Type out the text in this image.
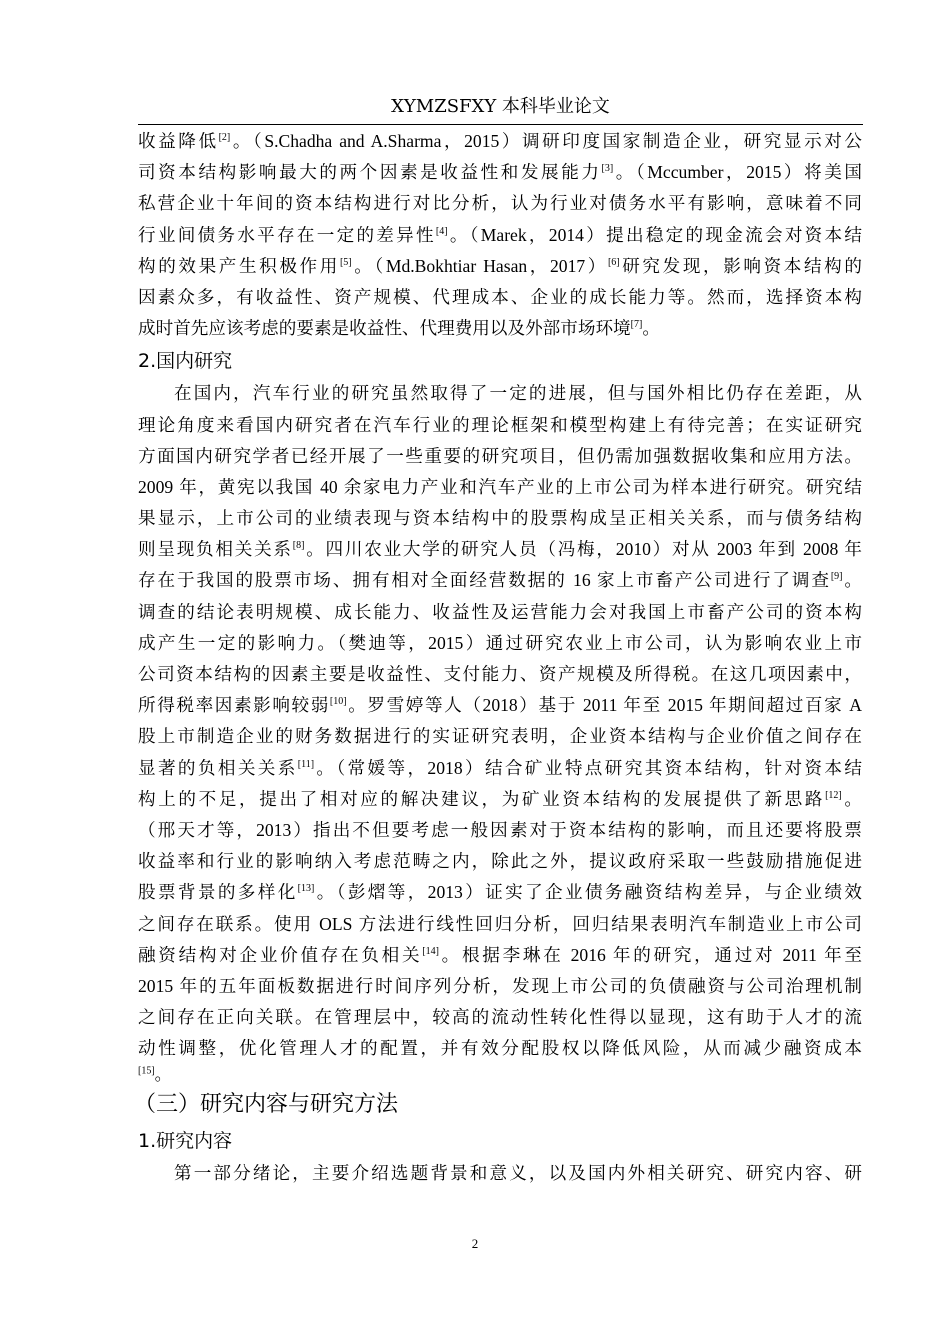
XYMZSFXY 本科毕业论文
收益降低[2]。（S.Chadha and A.Sharma，2015）调研印度国家制造企业，研究显示对公
司资本结构影响最大的两个因素是收益性和发展能力[3]。（Mccumber，2015）将美国
私营企业十年间的资本结构进行对比分析，认为行业对债务水平有影响，意味着不同
行业间债务水平存在一定的差异性[4]。（Marek，2014）提出稳定的现金流会对资本结
构的效果产生积极作用[5]。（Md.Bokhtiar Hasan，2017）[6]研究发现，影响资本结构的
因素众多，有收益性、资产规模、代理成本、企业的成长能力等。然而，选择资本构
成时首先应该考虑的要素是收益性、代理费用以及外部市场环境[7]。
2.国内研究
在国内，汽车行业的研究虽然取得了一定的进展，但与国外相比仍存在差距，从
理论角度来看国内研究者在汽车行业的理论框架和模型构建上有待完善；在实证研究
方面国内研究学者已经开展了一些重要的研究项目，但仍需加强数据收集和应用方法。
2009 年，黄宪以我国 40 余家电力产业和汽车产业的上市公司为样本进行研究。研究结
果显示，上市公司的业绩表现与资本结构中的股票构成呈正相关关系，而与债务结构
则呈现负相关关系[8]。四川农业大学的研究人员（冯梅，2010）对从 2003 年到 2008 年
存在于我国的股票市场、拥有相对全面经营数据的 16 家上市畜产公司进行了调查[9]。
调查的结论表明规模、成长能力、收益性及运营能力会对我国上市畜产公司的资本构
成产生一定的影响力。（樊迪等，2015）通过研究农业上市公司，认为影响农业上市
公司资本结构的因素主要是收益性、支付能力、资产规模及所得税。在这几项因素中，
所得税率因素影响较弱[10]。罗雪婷等人（2018）基于 2011 年至 2015 年期间超过百家 A
股上市制造企业的财务数据进行的实证研究表明，企业资本结构与企业价值之间存在
显著的负相关关系[11]。（常媛等，2018）结合矿业特点研究其资本结构，针对资本结
构上的不足，提出了相对应的解决建议，为矿业资本结构的发展提供了新思路[12]。
（邢天才等，2013）指出不但要考虑一般因素对于资本结构的影响，而且还要将股票
收益率和行业的影响纳入考虑范畴之内，除此之外，提议政府采取一些鼓励措施促进
股票背景的多样化[13]。（彭熠等，2013）证实了企业债务融资结构差异，与企业绩效
之间存在联系。使用 OLS 方法进行线性回归分析，回归结果表明汽车制造业上市公司
融资结构对企业价值存在负相关[14]。根据李琳在 2016 年的研究，通过对 2011 年至
2015 年的五年面板数据进行时间序列分析，发现上市公司的负债融资与公司治理机制
之间存在正向关联。在管理层中，较高的流动性转化性得以显现，这有助于人才的流
动性调整，优化管理人才的配置，并有效分配股权以降低风险，从而减少融资成本
[15]。
（三）研究内容与研究方法
1.研究内容
第一部分绪论，主要介绍选题背景和意义，以及国内外相关研究、研究内容、研
2
